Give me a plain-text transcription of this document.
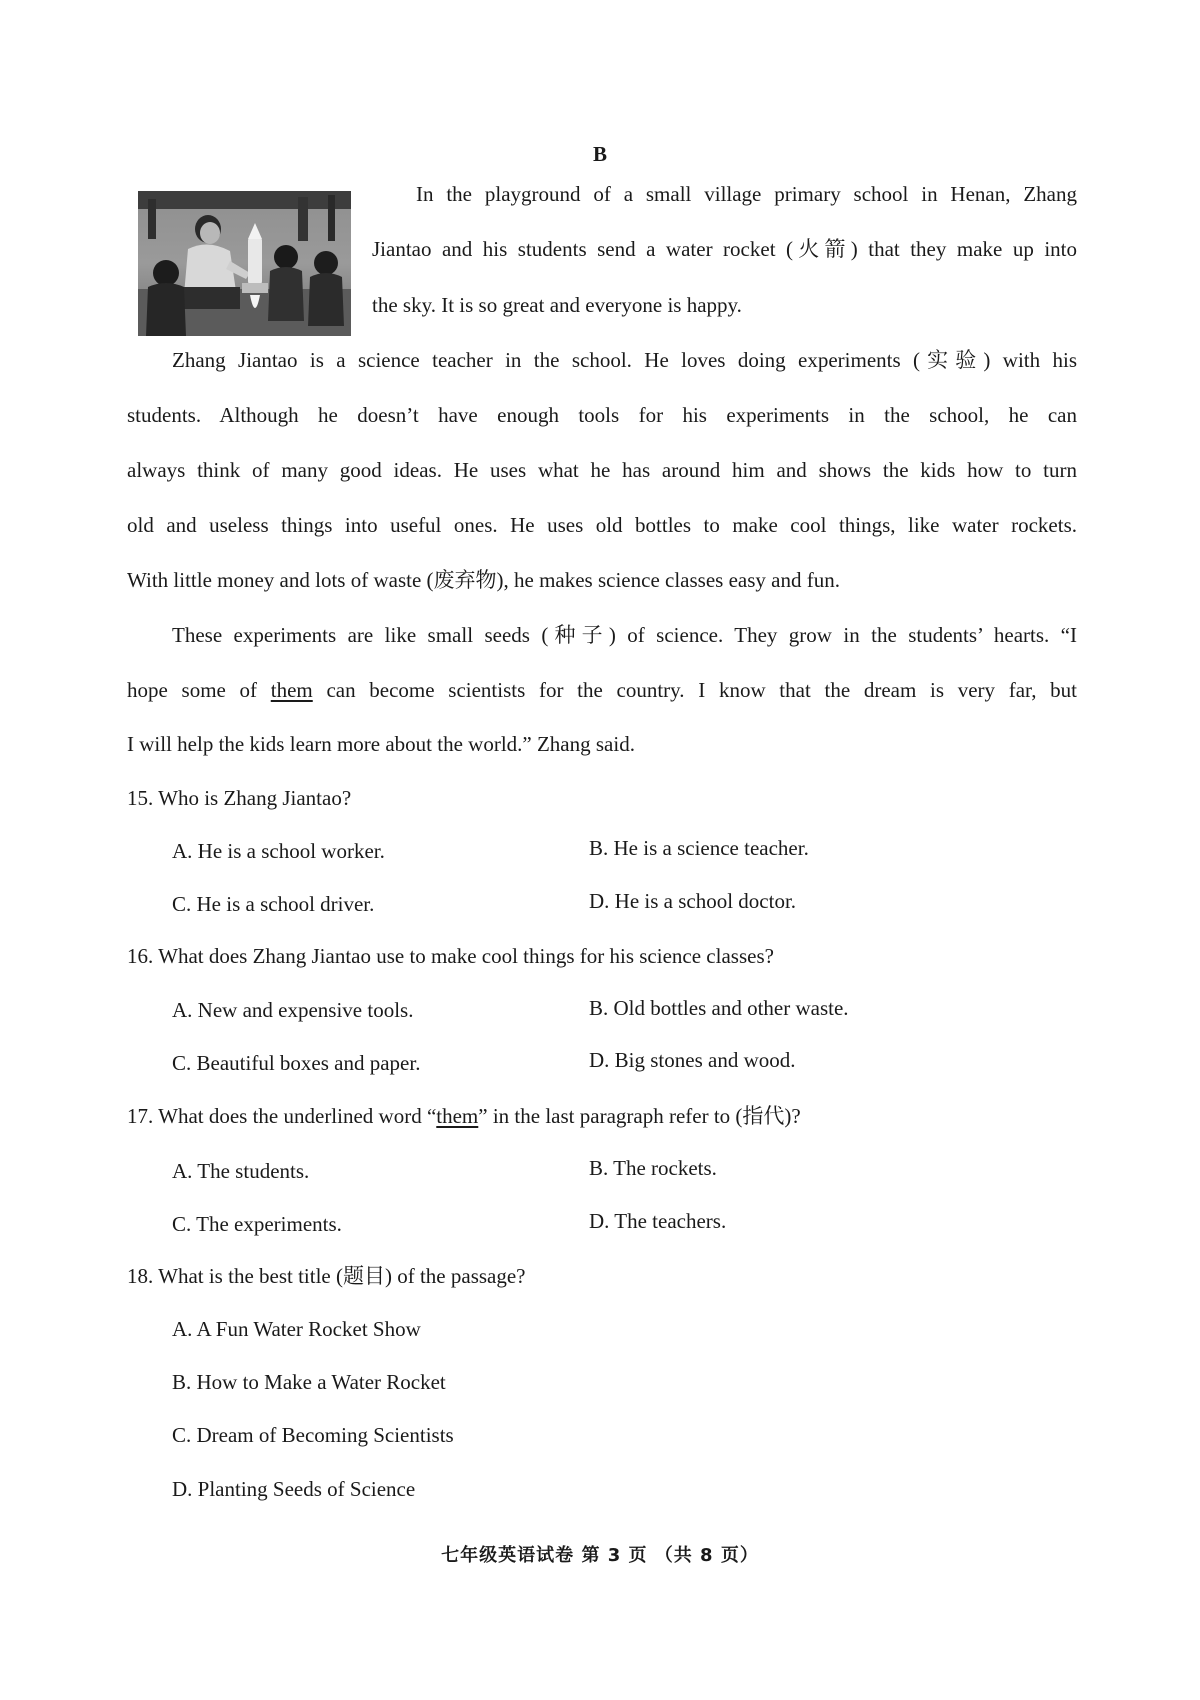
B
In the playground of a small village primary school in Henan, Zhang
Jiantao and his students send a water rocket (火箭) that they make up into
the sky. It is so great and everyone is happy.
Zhang Jiantao is a science teacher in the school. He loves doing experiments (实验) with his
students. Although he doesn’t have enough tools for his experiments in the school, he can
always think of many good ideas. He uses what he has around him and shows the kids how to turn
old and useless things into useful ones. He uses old bottles to make cool things, like water rockets.
With little money and lots of waste (废弃物), he makes science classes easy and fun.
These experiments are like small seeds (种子) of science. They grow in the students’ hearts. “I
hope some of them can become scientists for the country. I know that the dream is very far, but
I will help the kids learn more about the world.” Zhang said.
15. Who is Zhang Jiantao?
A. He is a school worker.	B. He is a science teacher.
C. He is a school driver.	D. He is a school doctor.
16. What does Zhang Jiantao use to make cool things for his science classes?
A. New and expensive tools.	B. Old bottles and other waste.
C. Beautiful boxes and paper.	D. Big stones and wood.
17. What does the underlined word “them” in the last paragraph refer to (指代)?
A. The students.	B. The rockets.
C. The experiments.	D. The teachers.
18. What is the best title (题目) of the passage?
A. A Fun Water Rocket Show
B. How to Make a Water Rocket
C. Dream of Becoming Scientists
D. Planting Seeds of Science
七年级英语试卷 第 3 页 （共 8 页）
